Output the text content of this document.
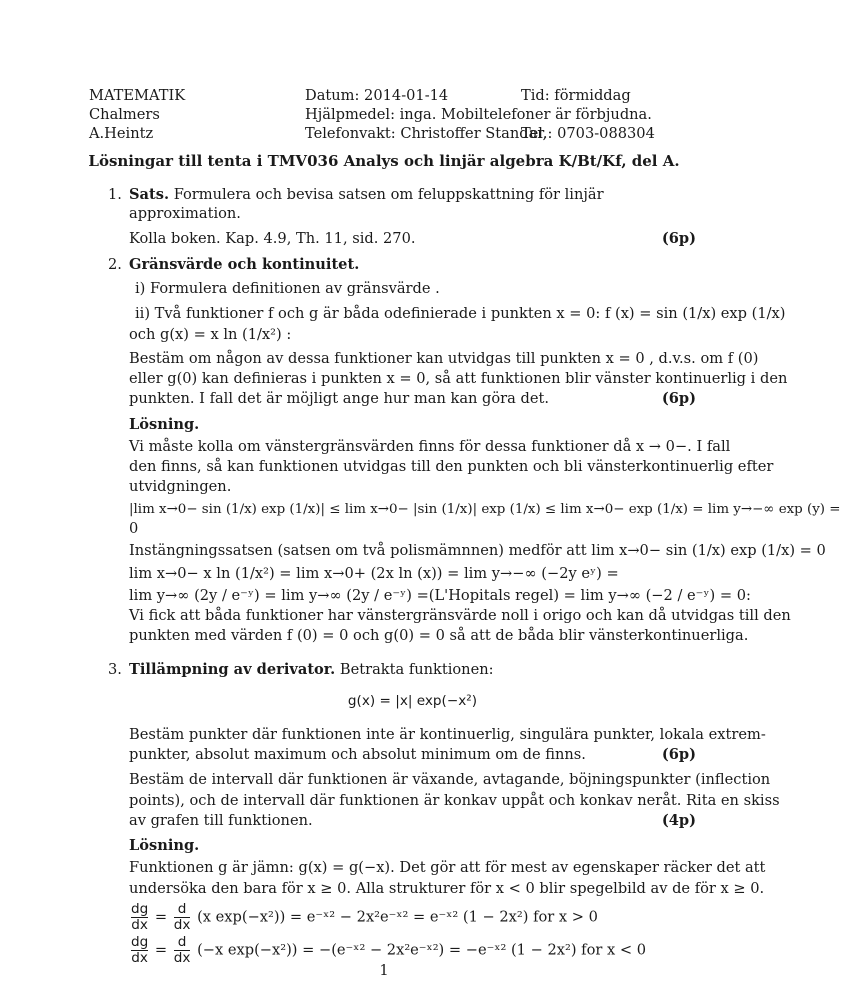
MATEMATIK	Datum: 2014-01-14	Tid: förmiddag
Chalmers	Hjälpmedel: inga. Mobiltelefoner är förbjudna.
A.Heintz	Telefonvakt: Christoffer Standar,
Tel.: 0703-088304
Lösningar till tenta i TMV036 Analys och linjär algebra K/Bt/Kf, del A.
1. Sats. Formulera och bevisa satsen om feluppskattning för linjär approximation.
Kolla boken. Kap. 4.9, Th. 11, sid. 270.	(6p)
2. Gränsvärde och kontinuitet.
i) Formulera definitionen av gränsvärde .
ii) Två funktioner f och g är båda odefinierade i punkten x = 0: f (x) = sin (1/x) exp (1/x)
och g(x) = x ln (1/x²) :
Bestäm om någon av dessa funktioner kan utvidgas till punkten x = 0 , d.v.s. om f (0)
eller g(0) kan definieras i punkten x = 0, så att funktionen blir vänster kontinuerlig i den
punkten. I fall det är möjligt ange hur man kan göra det.	(6p)
Lösning.
Vi måste kolla om vänstergränsvärden finns för dessa funktioner då x → 0−. I fall
den finns, så kan funktionen utvidgas till den punkten och bli vänsterkontinuerlig efter
utvidgningen.
|lim x→0− sin (1/x) exp (1/x)| ≤ lim x→0− |sin (1/x)| exp (1/x) ≤ lim x→0− exp (1/x) = lim y→−∞ exp (y) =
0
Instängningssatsen (satsen om två polismämnnen) medför att lim x→0− sin (1/x) exp (1/x) = 0
lim x→0− x ln (1/x²) = lim x→0+ (2x ln (x)) = lim y→−∞ (−2y eʸ) =
lim y→∞ (2y / e⁻ʸ) = lim y→∞ (2y / e⁻ʸ) =(L'Hopitals regel) = lim y→∞ (−2 / e⁻ʸ) = 0:
Vi fick att båda funktioner har vänstergränsvärde noll i origo och kan då utvidgas till den
punkten med värden f (0) = 0 och g(0) = 0 så att de båda blir vänsterkontinuerliga.
3. Tillämpning av derivator. Betrakta funktionen:
g(x) = |x| exp(−x²)
Bestäm punkter där funktionen inte är kontinuerlig, singulära punkter, lokala extrem-
punkter, absolut maximum och absolut minimum om de finns.	(6p)
Bestäm de intervall där funktionen är växande, avtagande, böjningspunkter (inflection
points), och de intervall där funktionen är konkav uppåt och konkav neråt. Rita en skiss
av grafen till funktionen.	(4p)
Lösning.
Funktionen g är jämn: g(x) = g(−x). Det gör att för mest av egenskaper räcker det att
undersöka den bara för x ≥ 0. Alla strukturer för x < 0 blir spegelbild av de för x ≥ 0.
$\frac{dg}{dx} = \frac{d}{dx} (x$ exp(−x²)) = e⁻ˣ² − 2x²e⁻ˣ² = e⁻ˣ² (1 − 2x²) for x > 0
$\frac{dg}{dx} = \frac{d}{dx} (-x$ exp(−x²)) = −(e⁻ˣ² − 2x²e⁻ˣ²) = −e⁻ˣ² (1 − 2x²) for x < 0
1
